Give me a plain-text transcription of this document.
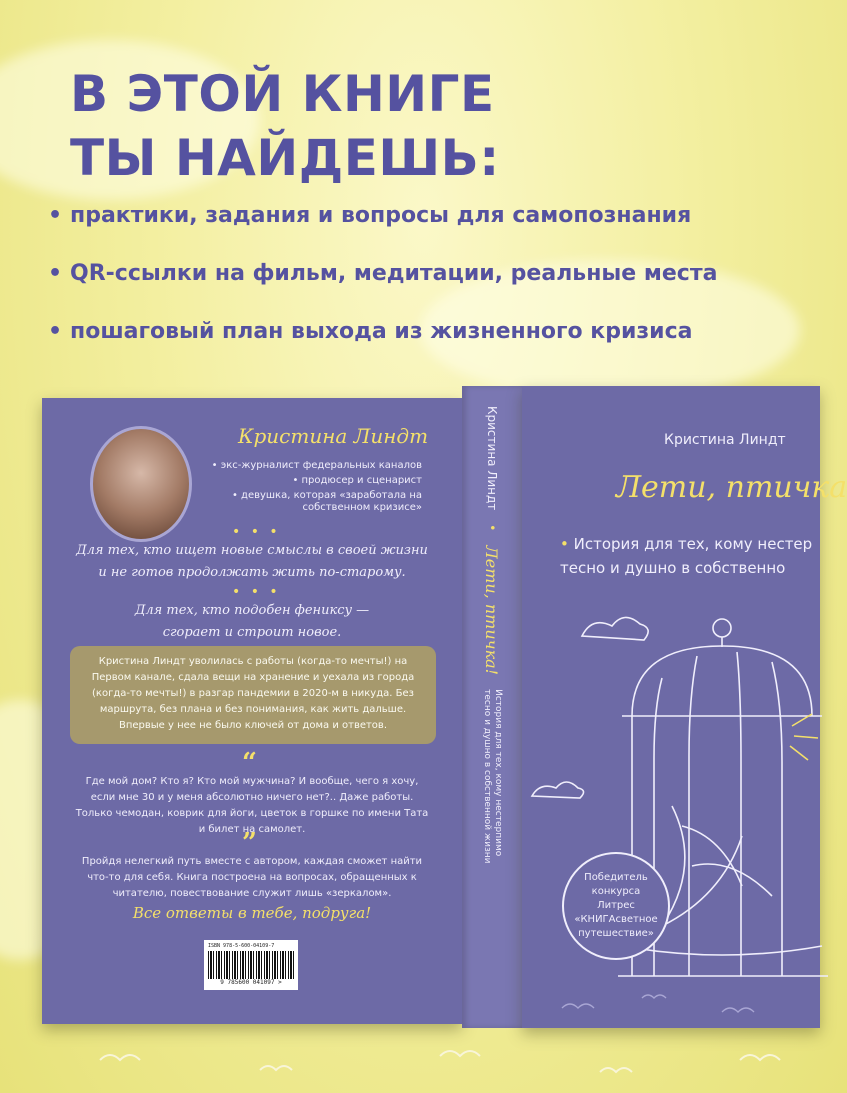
В ЭТОЙ КНИГЕ
ТЫ НАЙДЕШЬ:
• практики, задания и вопросы для самопознания
• QR-ссылки на фильм, медитации, реальные места
• пошаговый план выхода из жизненного кризиса
Кристина Линдт
• экс-журналист федеральных каналов
• продюсер и сценарист
• девушка, которая «заработала на собственном кризисе»
• • •
Для тех, кто ищет новые смыслы в своей жизни
и не готов продолжать жить по-старому.
• • •
Для тех, кто подобен фениксу —
сгорает и строит новое.
Кристина Линдт уволилась с работы (когда-то мечты!) на Первом канале, сдала вещи на хранение и уехала из города (когда-то мечты!) в разгар пандемии в 2020-м в никуда. Без маршрута, без плана и без понимания, как жить дальше. Впервые у нее не было ключей от дома и ответов.
“
Где мой дом? Кто я? Кто мой мужчина? И вообще, чего я хочу, если мне 30 и у меня абсолютно ничего нет?.. Даже работы. Только чемодан, коврик для йоги, цветок в горшке по имени Тата и билет на самолет.
”
Пройдя нелегкий путь вместе с автором, каждая сможет найти что-то для себя. Книга построена на вопросах, обращенных к читателю, повествование служит лишь «зеркалом».
Все ответы в тебе, подруга!
ISBN 978-5-600-04109-7
9 785600 041097 >
Кристина Линдт
•
Лети, птичка!
История для тех, кому нестерпимо
тесно и душно в собственной жизни
Кристина Линдт
Лети, птичка
• История для тех, кому нестер
тесно и душно в собственно
Победитель конкурса Литрес «КНИГАсветное путешествие»
